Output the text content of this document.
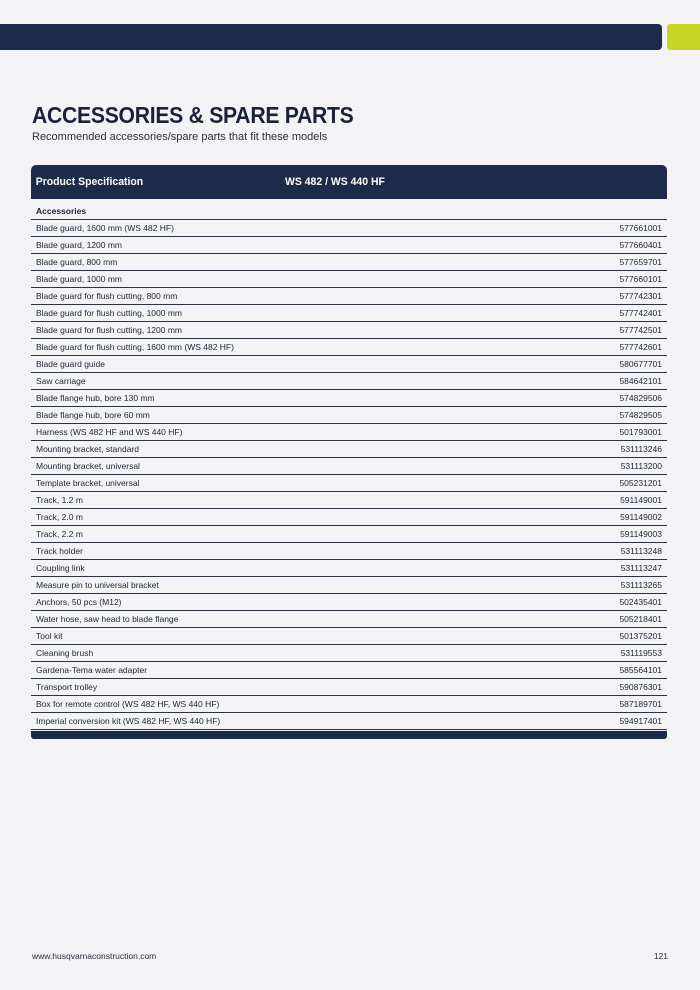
ACCESSORIES & SPARE PARTS

Recommended accessories/spare parts that fit these models

Product Specification	WS 482 / WS 440 HF
Accessories
Blade guard, 1600 mm (WS 482 HF)	577661001
Blade guard, 1200 mm	577660401
Blade guard, 800 mm	577659701
Blade guard, 1000 mm	577660101
Blade guard for flush cutting, 800 mm	577742301
Blade guard for flush cutting, 1000 mm	577742401
Blade guard for flush cutting, 1200 mm	577742501
Blade guard for flush cutting, 1600 mm (WS 482 HF)	577742601
Blade guard guide	580677701
Saw carriage	584642101
Blade flange hub, bore 130 mm	574829506
Blade flange hub, bore 60 mm	574829505
Harness (WS 482 HF and WS 440 HF)	501793001
Mounting bracket, standard	531113246
Mounting bracket, universal	531113200
Template bracket, universal	505231201
Track, 1.2 m	591149001
Track, 2.0 m	591149002
Track, 2.2 m	591149003
Track holder	531113248
Coupling link	531113247
Measure pin to universal bracket	531113265
Anchors, 50 pcs (M12)	502435401
Water hose, saw head to blade flange	505218401
Tool kit	501375201
Cleaning brush	531119553
Gardena-Tema water adapter	585564101
Transport trolley	590876301
Box for remote control (WS 482 HF, WS 440 HF)	587189701
Imperial conversion kit (WS 482 HF, WS 440 HF)	594917401
www.husqvarnaconstruction.com	121
